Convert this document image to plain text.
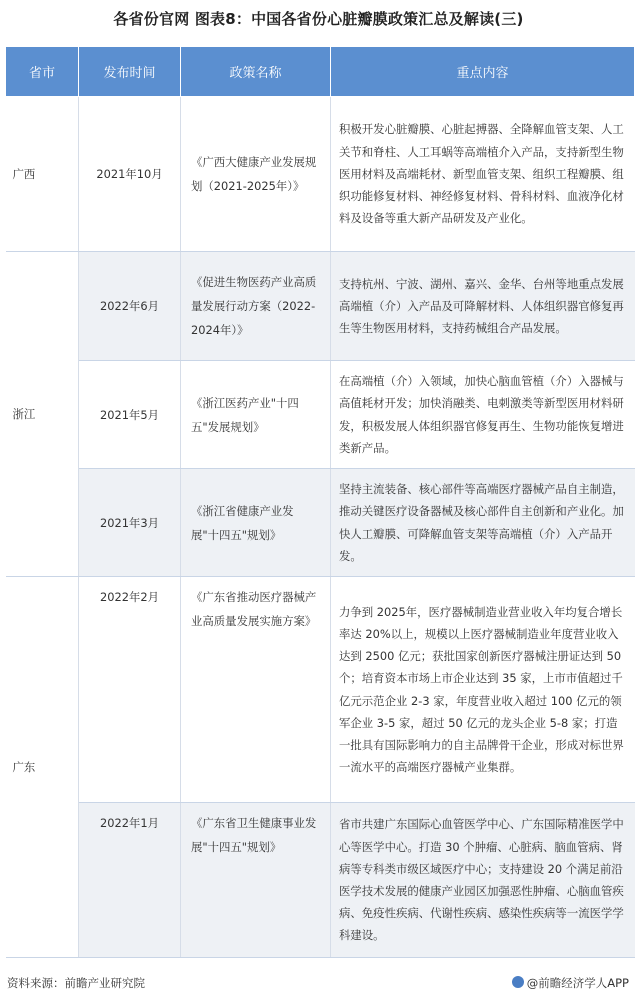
各省份官网 图表8：中国各省份心脏瓣膜政策汇总及解读(三)
省市	发布时间	政策名称	重点内容
广西	2021年10月	《广西大健康产业发展规划（2021-2025年）》	积极开发心脏瓣膜、心脏起搏器、全降解血管支架、人工关节和脊柱、人工耳蜗等高端植介入产品，支持新型生物医用材料及高端耗材、新型血管支架、组织工程瓣膜、组织功能修复材料、神经修复材料、骨科材料、血液净化材料及设备等重大新产品研发及产业化。
浙江	2022年6月	《促进生物医药产业高质量发展行动方案（2022-2024年）》	支持杭州、宁波、湖州、嘉兴、金华、台州等地重点发展高端植（介）入产品及可降解材料、人体组织器官修复再生等生物医用材料，支持药械组合产品发展。
	2021年5月	《浙江医药产业"十四五"发展规划》	在高端植（介）入领域，加快心脑血管植（介）入器械与高值耗材开发；加快消融类、电刺激类等新型医用材料研发，积极发展人体组织器官修复再生、生物功能恢复增进类新产品。
	2021年3月	《浙江省健康产业发展"十四五"规划》	坚持主流装备、核心部件等高端医疗器械产品自主制造，推动关键医疗设备器械及核心部件自主创新和产业化。加快人工瓣膜、可降解血管支架等高端植（介）入产品开发。
广东	2022年2月	《广东省推动医疗器械产业高质量发展实施方案》	力争到 2025年，医疗器械制造业营业收入年均复合增长率达 20%以上，规模以上医疗器械制造业年度营业收入达到 2500 亿元；获批国家创新医疗器械注册证达到 50 个；培育资本市场上市企业达到 35 家，上市市值超过千亿元示范企业 2-3 家，年度营业收入超过 100 亿元的领军企业 3-5 家，超过 50 亿元的龙头企业 5-8 家；打造一批具有国际影响力的自主品牌骨干企业，形成对标世界一流水平的高端医疗器械产业集群。
	2022年1月	《广东省卫生健康事业发展"十四五"规划》	省市共建广东国际心血管医学中心、广东国际精准医学中心等医学中心。打造 30 个肿瘤、心脏病、脑血管病、肾病等专科类市级区域医疗中心；支持建设 20 个满足前沿医学技术发展的健康产业园区加强恶性肿瘤、心脑血管疾病、免疫性疾病、代谢性疾病、感染性疾病等一流医学学科建设。
资料来源：前瞻产业研究院	@前瞻经济学人APP
